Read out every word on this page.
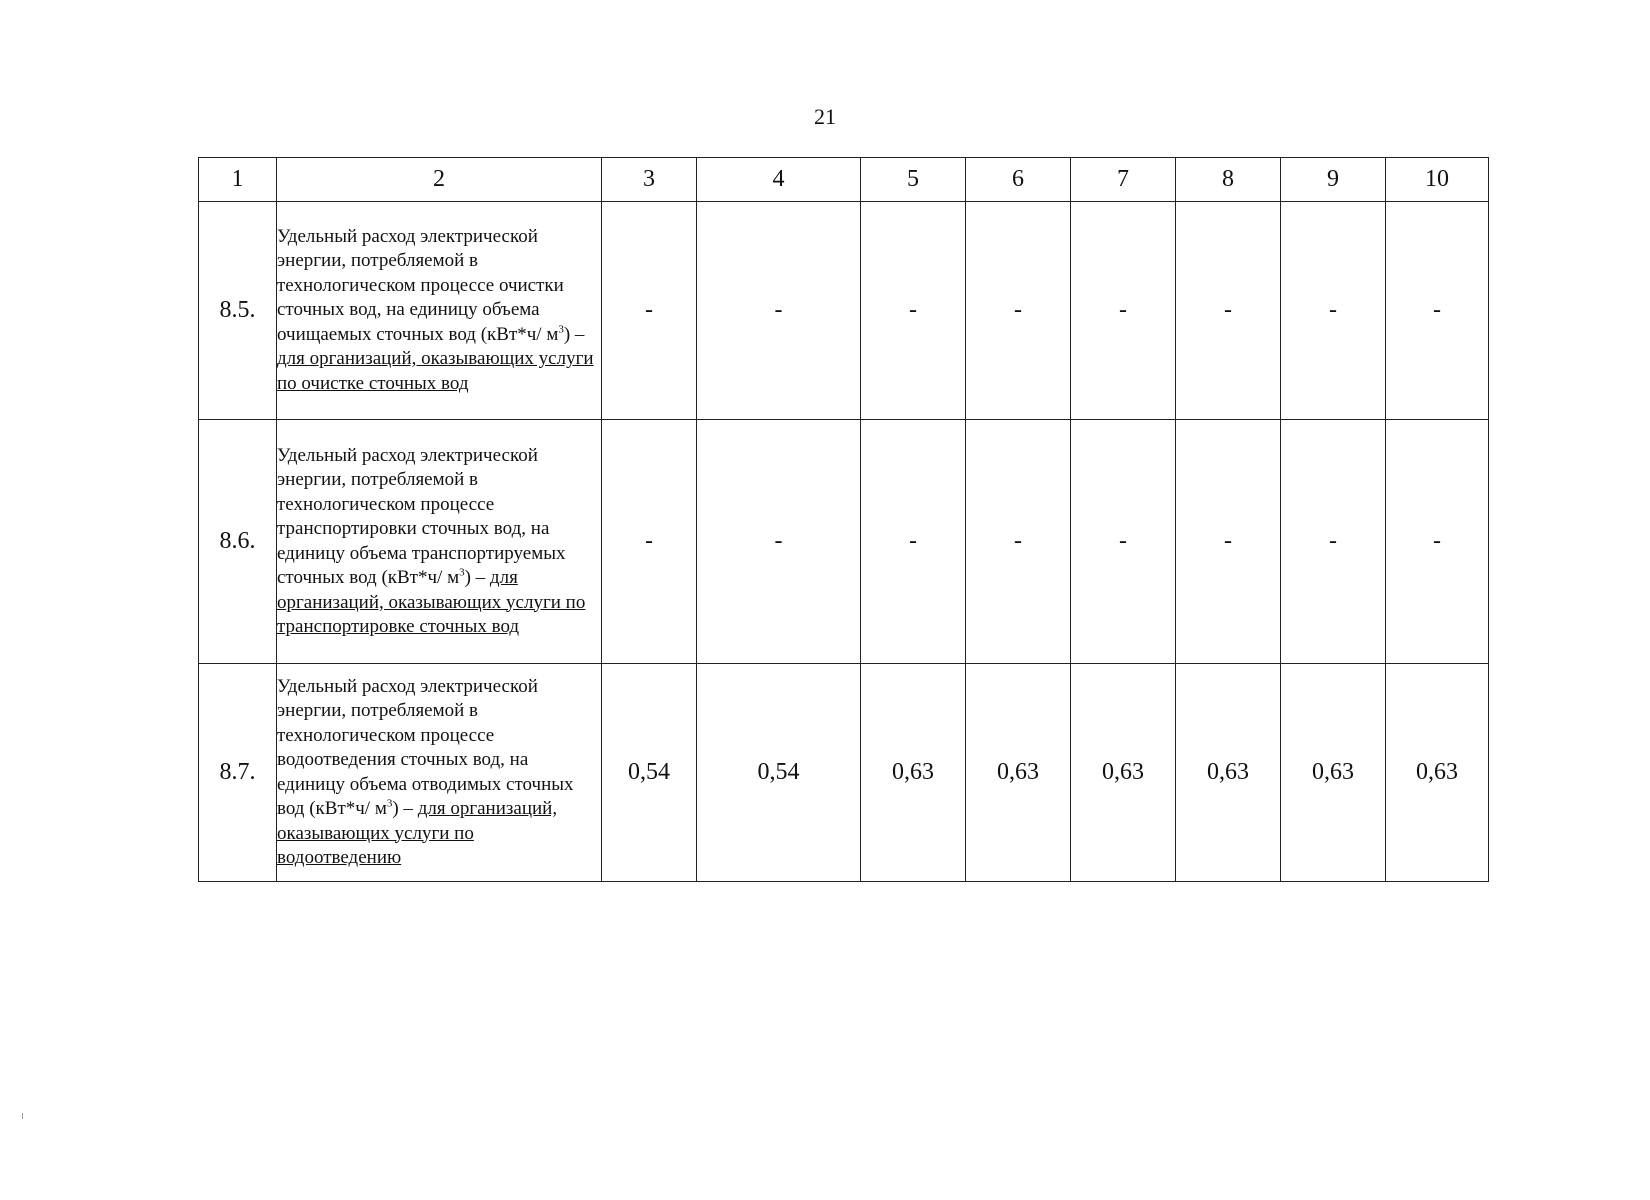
21
1	2	3	4	5	6	7	8	9	10
8.5.	Удельный расход электрической энергии, потребляемой в технологическом процессе очистки сточных вод, на единицу объема очищаемых сточных вод (кВт*ч/ $м^3$) – для организаций, оказывающих услуги по очистке сточных вод	-	-	-	-	-	-	-	-
8.6.	Удельный расход электрической энергии, потребляемой в технологическом процессе транспортировки сточных вод, на единицу объема транспортируемых сточных вод (кВт*ч/ $м^3$) – для организаций, оказывающих услуги по транспортировке сточных вод	-	-	-	-	-	-	-	-
8.7.	Удельный расход электрической энергии, потребляемой в технологическом процессе водоотведения сточных вод, на единицу объема отводимых сточных вод (кВт*ч/ $м^3$) – для организаций, оказывающих услуги по водоотведению	0,54	0,54	0,63	0,63	0,63	0,63	0,63	0,63
